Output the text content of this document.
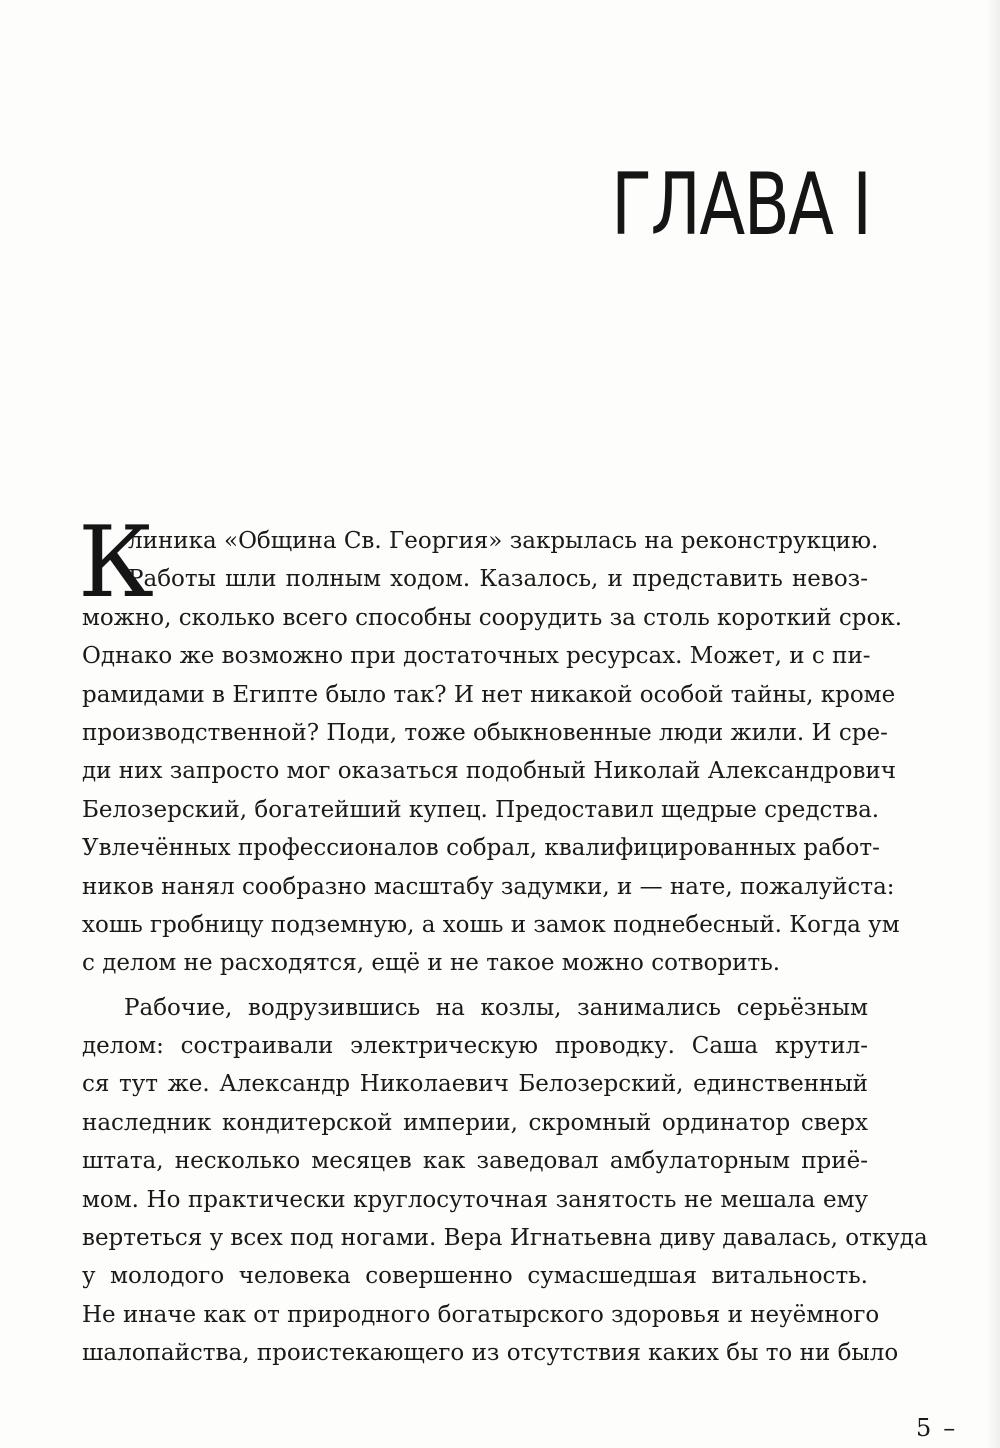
ГЛАВА I
К
линика «Община Св. Георгия» закрылась на реконструкцию.
Работы шли полным ходом. Казалось, и представить невоз-
можно, сколько всего способны соорудить за столь короткий срок.
Однако же возможно при достаточных ресурсах. Может, и с пи-
рамидами в Египте было так? И нет никакой особой тайны, кроме
производственной? Поди, тоже обыкновенные люди жили. И сре-
ди них запросто мог оказаться подобный Николай Александрович
Белозерский, богатейший купец. Предоставил щедрые средства.
Увлечённых профессионалов собрал, квалифицированных работ-
ников нанял сообразно масштабу задумки, и — нате, пожалуйста:
хошь гробницу подземную, а хошь и замок поднебесный. Когда ум
с делом не расходятся, ещё и не такое можно сотворить.
Рабочие, водрузившись на козлы, занимались серьёзным
делом: состраивали электрическую проводку. Саша крутил-
ся тут же. Александр Николаевич Белозерский, единственный
наследник кондитерской империи, скромный ординатор сверх
штата, несколько месяцев как заведовал амбулаторным приё-
мом. Но практически круглосуточная занятость не мешала ему
вертеться у всех под ногами. Вера Игнатьевна диву давалась, откуда
у молодого человека совершенно сумасшедшая витальность.
Не иначе как от природного богатырского здоровья и неуёмного
шалопайства, проистекающего из отсутствия каких бы то ни было
5 –
